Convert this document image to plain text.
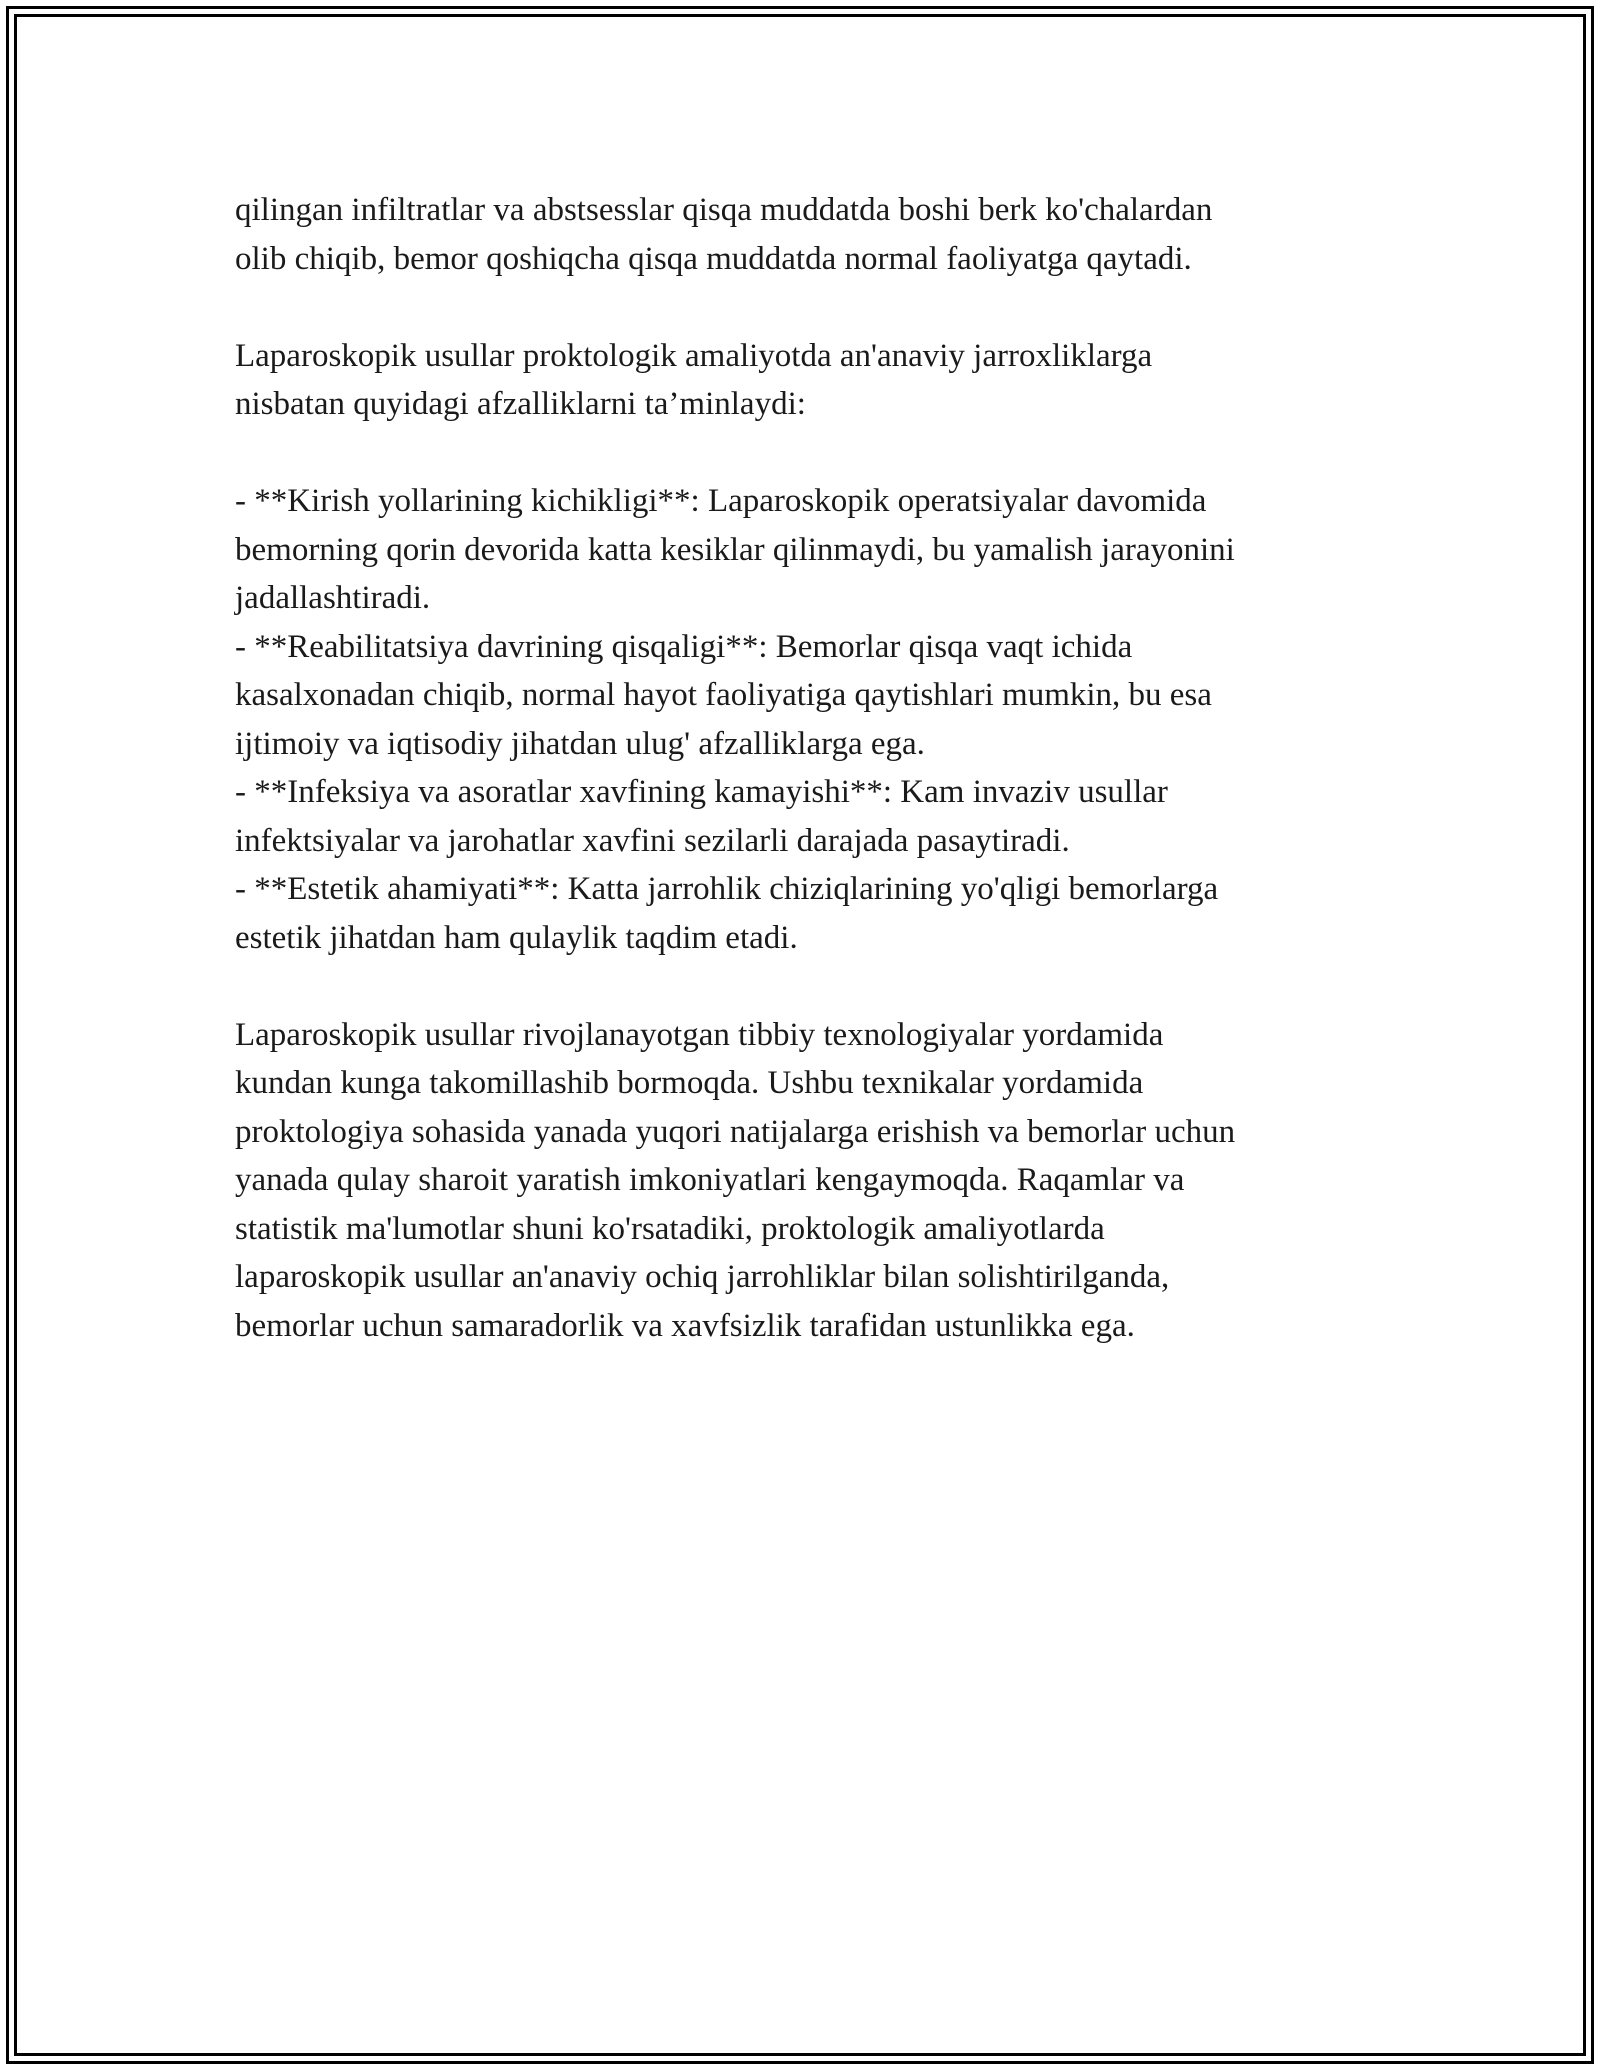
qilingan infiltratlar va abstsesslar qisqa muddatda boshi berk ko'chalardan
olib chiqib, bemor qoshiqcha qisqa muddatda normal faoliyatga qaytadi.
Laparoskopik usullar proktologik amaliyotda an'anaviy jarroxliklarga
nisbatan quyidagi afzalliklarni ta’minlaydi:
- **Kirish yollarining kichikligi**: Laparoskopik operatsiyalar davomida
bemorning qorin devorida katta kesiklar qilinmaydi, bu yamalish jarayonini
jadallashtiradi.
- **Reabilitatsiya davrining qisqaligi**: Bemorlar qisqa vaqt ichida
kasalxonadan chiqib, normal hayot faoliyatiga qaytishlari mumkin, bu esa
ijtimoiy va iqtisodiy jihatdan ulug' afzalliklarga ega.
- **Infeksiya va asoratlar xavfining kamayishi**: Kam invaziv usullar
infektsiyalar va jarohatlar xavfini sezilarli darajada pasaytiradi.
- **Estetik ahamiyati**: Katta jarrohlik chiziqlarining yo'qligi bemorlarga
estetik jihatdan ham qulaylik taqdim etadi.
Laparoskopik usullar rivojlanayotgan tibbiy texnologiyalar yordamida
kundan kunga takomillashib bormoqda. Ushbu texnikalar yordamida
proktologiya sohasida yanada yuqori natijalarga erishish va bemorlar uchun
yanada qulay sharoit yaratish imkoniyatlari kengaymoqda. Raqamlar va
statistik ma'lumotlar shuni ko'rsatadiki, proktologik amaliyotlarda
laparoskopik usullar an'anaviy ochiq jarrohliklar bilan solishtirilganda,
bemorlar uchun samaradorlik va xavfsizlik tarafidan ustunlikka ega.
